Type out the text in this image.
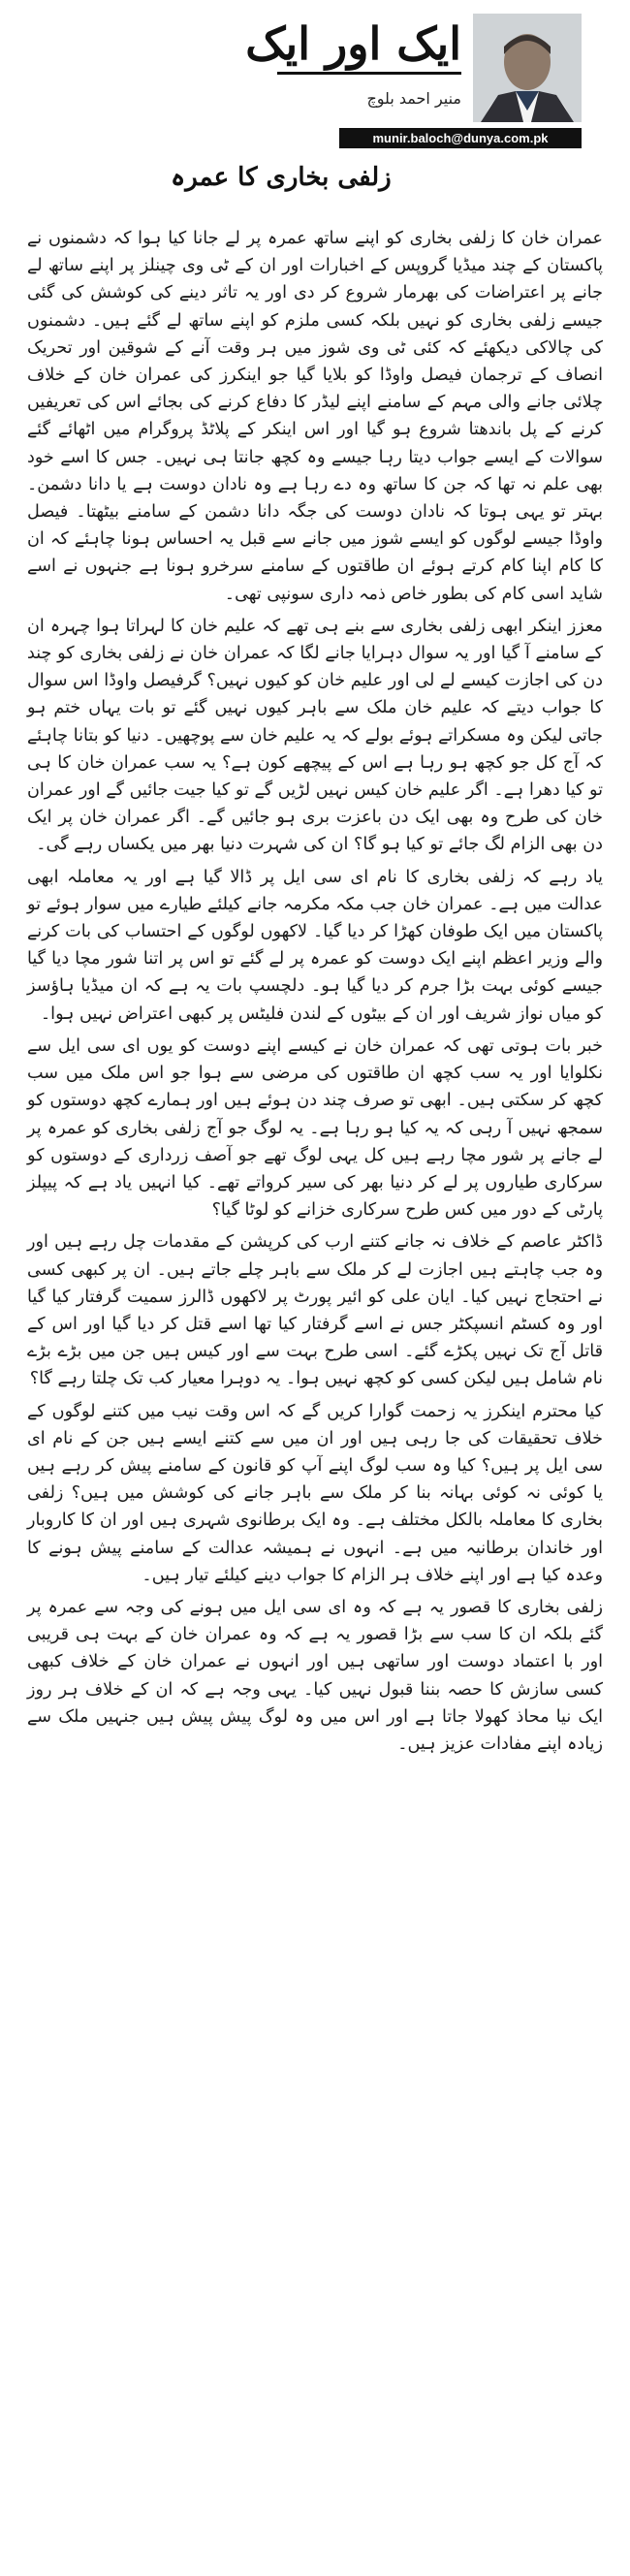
ایک اور ایک
منیر احمد بلوچ
munir.baloch@dunya.com.pk
زلفی بخاری کا عمرہ

عمران خان کا زلفی بخاری کو اپنے ساتھ عمرہ پر لے جانا کیا ہوا کہ دشمنوں نے پاکستان کے چند میڈیا گروپس کے اخبارات اور ان کے ٹی وی چینلز پر اپنے ساتھ لے جانے پر اعتراضات کی بھرمار شروع کر دی اور یہ تاثر دینے کی کوشش کی گئی جیسے زلفی بخاری کو نہیں بلکہ کسی ملزم کو اپنے ساتھ لے گئے ہیں۔ دشمنوں کی چالاکی دیکھئے کہ کئی ٹی وی شوز میں ہر وقت آنے کے شوقین اور تحریک انصاف کے ترجمان فیصل واوڈا کو بلایا گیا جو اینکرز کی عمران خان کے خلاف چلائی جانے والی مہم کے سامنے اپنے لیڈر کا دفاع کرنے کی بجائے اس کی تعریفیں کرنے کے پل باندھتا شروع ہو گیا اور اس اینکر کے پلاٹڈ پروگرام میں اٹھائے گئے سوالات کے ایسے جواب دیتا رہا جیسے وہ کچھ جانتا ہی نہیں۔ جس کا اسے خود بھی علم نہ تھا کہ جن کا ساتھ وہ دے رہا ہے وہ نادان دوست ہے یا دانا دشمن۔ بہتر تو یہی ہوتا کہ نادان دوست کی جگہ دانا دشمن کے سامنے بیٹھتا۔ فیصل واوڈا جیسے لوگوں کو ایسے شوز میں جانے سے قبل یہ احساس ہونا چاہئے کہ ان کا کام اپنا کام کرتے ہوئے ان طاقتوں کے سامنے سرخرو ہونا ہے جنہوں نے اسے شاید اسی کام کی بطور خاص ذمہ داری سونپی تھی۔

معزز اینکر ابھی زلفی بخاری سے بنے ہی تھے کہ علیم خان کا لہراتا ہوا چہرہ ان کے سامنے آ گیا اور یہ سوال دہرایا جانے لگا کہ عمران خان نے زلفی بخاری کو چند دن کی اجازت کیسے لے لی اور علیم خان کو کیوں نہیں؟ گرفیصل واوڈا اس سوال کا جواب دیتے کہ علیم خان ملک سے باہر کیوں نہیں گئے تو بات یہاں ختم ہو جاتی لیکن وہ مسکراتے ہوئے بولے کہ یہ علیم خان سے پوچھیں۔ دنیا کو بتانا چاہئے کہ آج کل جو کچھ ہو رہا ہے اس کے پیچھے کون ہے؟ یہ سب عمران خان کا ہی تو کیا دھرا ہے۔ اگر علیم خان کیس نہیں لڑیں گے تو کیا جیت جائیں گے اور عمران خان کی طرح وہ بھی ایک دن باعزت بری ہو جائیں گے۔ اگر عمران خان پر ایک دن بھی الزام لگ جائے تو کیا ہو گا؟ ان کی شہرت دنیا بھر میں یکساں رہے گی۔

یاد رہے کہ زلفی بخاری کا نام ای سی ایل پر ڈالا گیا ہے اور یہ معاملہ ابھی عدالت میں ہے۔ عمران خان جب مکہ مکرمہ جانے کیلئے طیارے میں سوار ہوئے تو پاکستان میں ایک طوفان کھڑا کر دیا گیا۔ لاکھوں لوگوں کے احتساب کی بات کرنے والے وزیر اعظم اپنے ایک دوست کو عمرہ پر لے گئے تو اس پر اتنا شور مچا دیا گیا جیسے کوئی بہت بڑا جرم کر دیا گیا ہو۔ دلچسپ بات یہ ہے کہ ان میڈیا ہاؤسز کو میاں نواز شریف اور ان کے بیٹوں کے لندن فلیٹس پر کبھی اعتراض نہیں ہوا۔

خبر بات ہوتی تھی کہ عمران خان نے کیسے اپنے دوست کو یوں ای سی ایل سے نکلوایا اور یہ سب کچھ ان طاقتوں کی مرضی سے ہوا جو اس ملک میں سب کچھ کر سکتی ہیں۔ ابھی تو صرف چند دن ہوئے ہیں اور ہمارے کچھ دوستوں کو سمجھ نہیں آ رہی کہ یہ کیا ہو رہا ہے۔ یہ لوگ جو آج زلفی بخاری کو عمرہ پر لے جانے پر شور مچا رہے ہیں کل یہی لوگ تھے جو آصف زرداری کے دوستوں کو سرکاری طیاروں پر لے کر دنیا بھر کی سیر کرواتے تھے۔ کیا انہیں یاد ہے کہ پیپلز پارٹی کے دور میں کس طرح سرکاری خزانے کو لوٹا گیا؟

ڈاکٹر عاصم کے خلاف نہ جانے کتنے ارب کی کرپشن کے مقدمات چل رہے ہیں اور وہ جب چاہتے ہیں اجازت لے کر ملک سے باہر چلے جاتے ہیں۔ ان پر کبھی کسی نے احتجاج نہیں کیا۔ ایان علی کو ائیر پورٹ پر لاکھوں ڈالرز سمیت گرفتار کیا گیا اور وہ کسٹم انسپکٹر جس نے اسے گرفتار کیا تھا اسے قتل کر دیا گیا اور اس کے قاتل آج تک نہیں پکڑے گئے۔ اسی طرح بہت سے اور کیس ہیں جن میں بڑے بڑے نام شامل ہیں لیکن کسی کو کچھ نہیں ہوا۔ یہ دوہرا معیار کب تک چلتا رہے گا؟

کیا محترم اینکرز یہ زحمت گوارا کریں گے کہ اس وقت نیب میں کتنے لوگوں کے خلاف تحقیقات کی جا رہی ہیں اور ان میں سے کتنے ایسے ہیں جن کے نام ای سی ایل پر ہیں؟ کیا وہ سب لوگ اپنے آپ کو قانون کے سامنے پیش کر رہے ہیں یا کوئی نہ کوئی بہانہ بنا کر ملک سے باہر جانے کی کوشش میں ہیں؟ زلفی بخاری کا معاملہ بالکل مختلف ہے۔ وہ ایک برطانوی شہری ہیں اور ان کا کاروبار اور خاندان برطانیہ میں ہے۔ انہوں نے ہمیشہ عدالت کے سامنے پیش ہونے کا وعدہ کیا ہے اور اپنے خلاف ہر الزام کا جواب دینے کیلئے تیار ہیں۔

زلفی بخاری کا قصور یہ ہے کہ وہ ای سی ایل میں ہونے کی وجہ سے عمرہ پر گئے بلکہ ان کا سب سے بڑا قصور یہ ہے کہ وہ عمران خان کے بہت ہی قریبی اور با اعتماد دوست اور ساتھی ہیں اور انہوں نے عمران خان کے خلاف کبھی کسی سازش کا حصہ بننا قبول نہیں کیا۔ یہی وجہ ہے کہ ان کے خلاف ہر روز ایک نیا محاذ کھولا جاتا ہے اور اس میں وہ لوگ پیش پیش ہیں جنہیں ملک سے زیادہ اپنے مفادات عزیز ہیں۔
